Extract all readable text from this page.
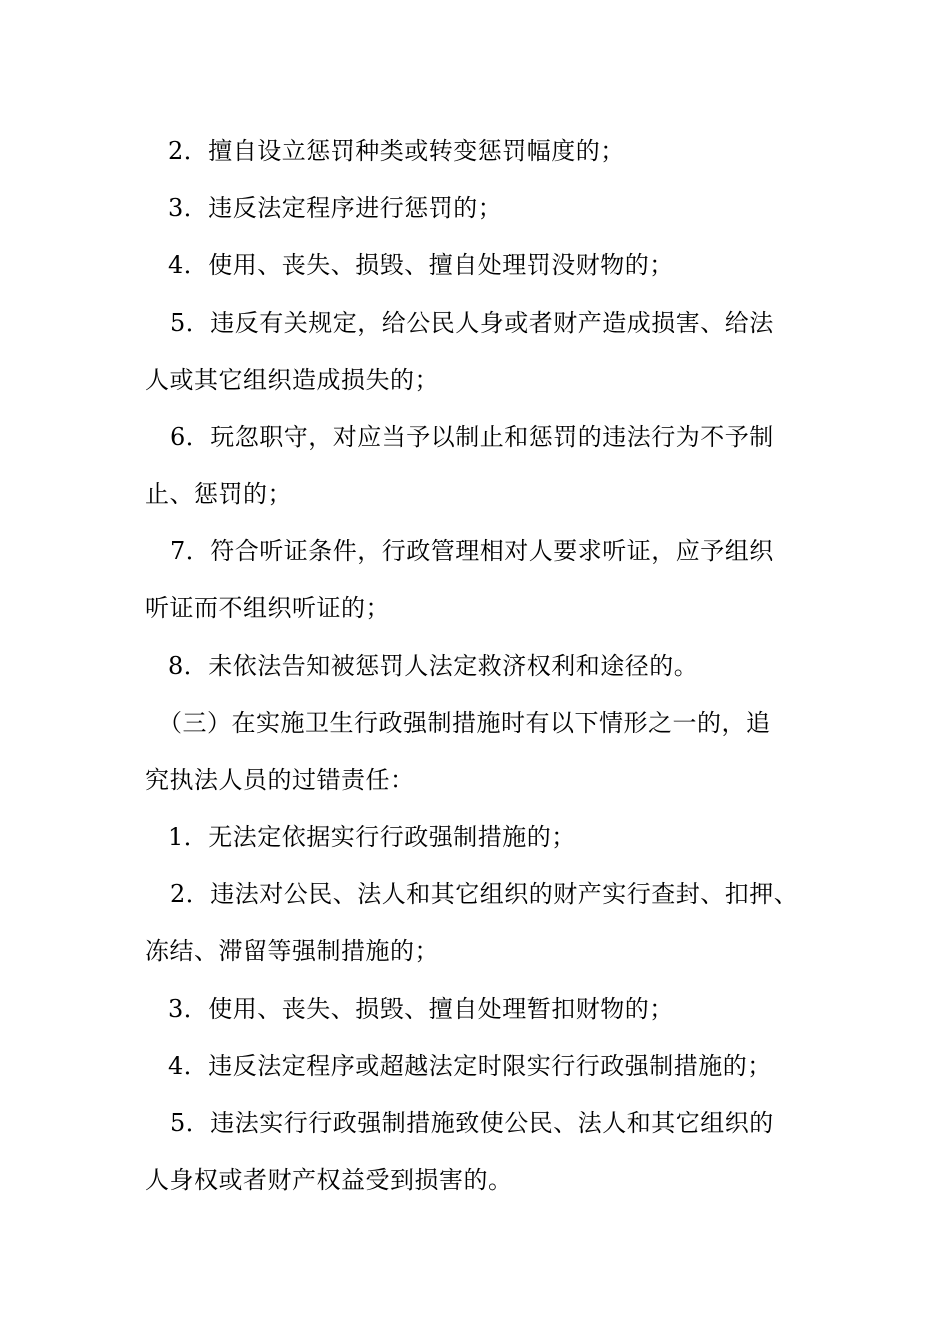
2．擅自设立惩罚种类或转变惩罚幅度的；
3．违反法定程序进行惩罚的；
4．使用、丧失、损毁、擅自处理罚没财物的；
5．违反有关规定，给公民人身或者财产造成损害、给法
人或其它组织造成损失的；
6．玩忽职守，对应当予以制止和惩罚的违法行为不予制
止、惩罚的；
7．符合听证条件，行政管理相对人要求听证，应予组织
听证而不组织听证的；
8．未依法告知被惩罚人法定救济权利和途径的。
（三）在实施卫生行政强制措施时有以下情形之一的，追
究执法人员的过错责任：
1．无法定依据实行行政强制措施的；
2．违法对公民、法人和其它组织的财产实行查封、扣押、
冻结、滞留等强制措施的；
3．使用、丧失、损毁、擅自处理暂扣财物的；
4．违反法定程序或超越法定时限实行行政强制措施的；
5．违法实行行政强制措施致使公民、法人和其它组织的
人身权或者财产权益受到损害的。
